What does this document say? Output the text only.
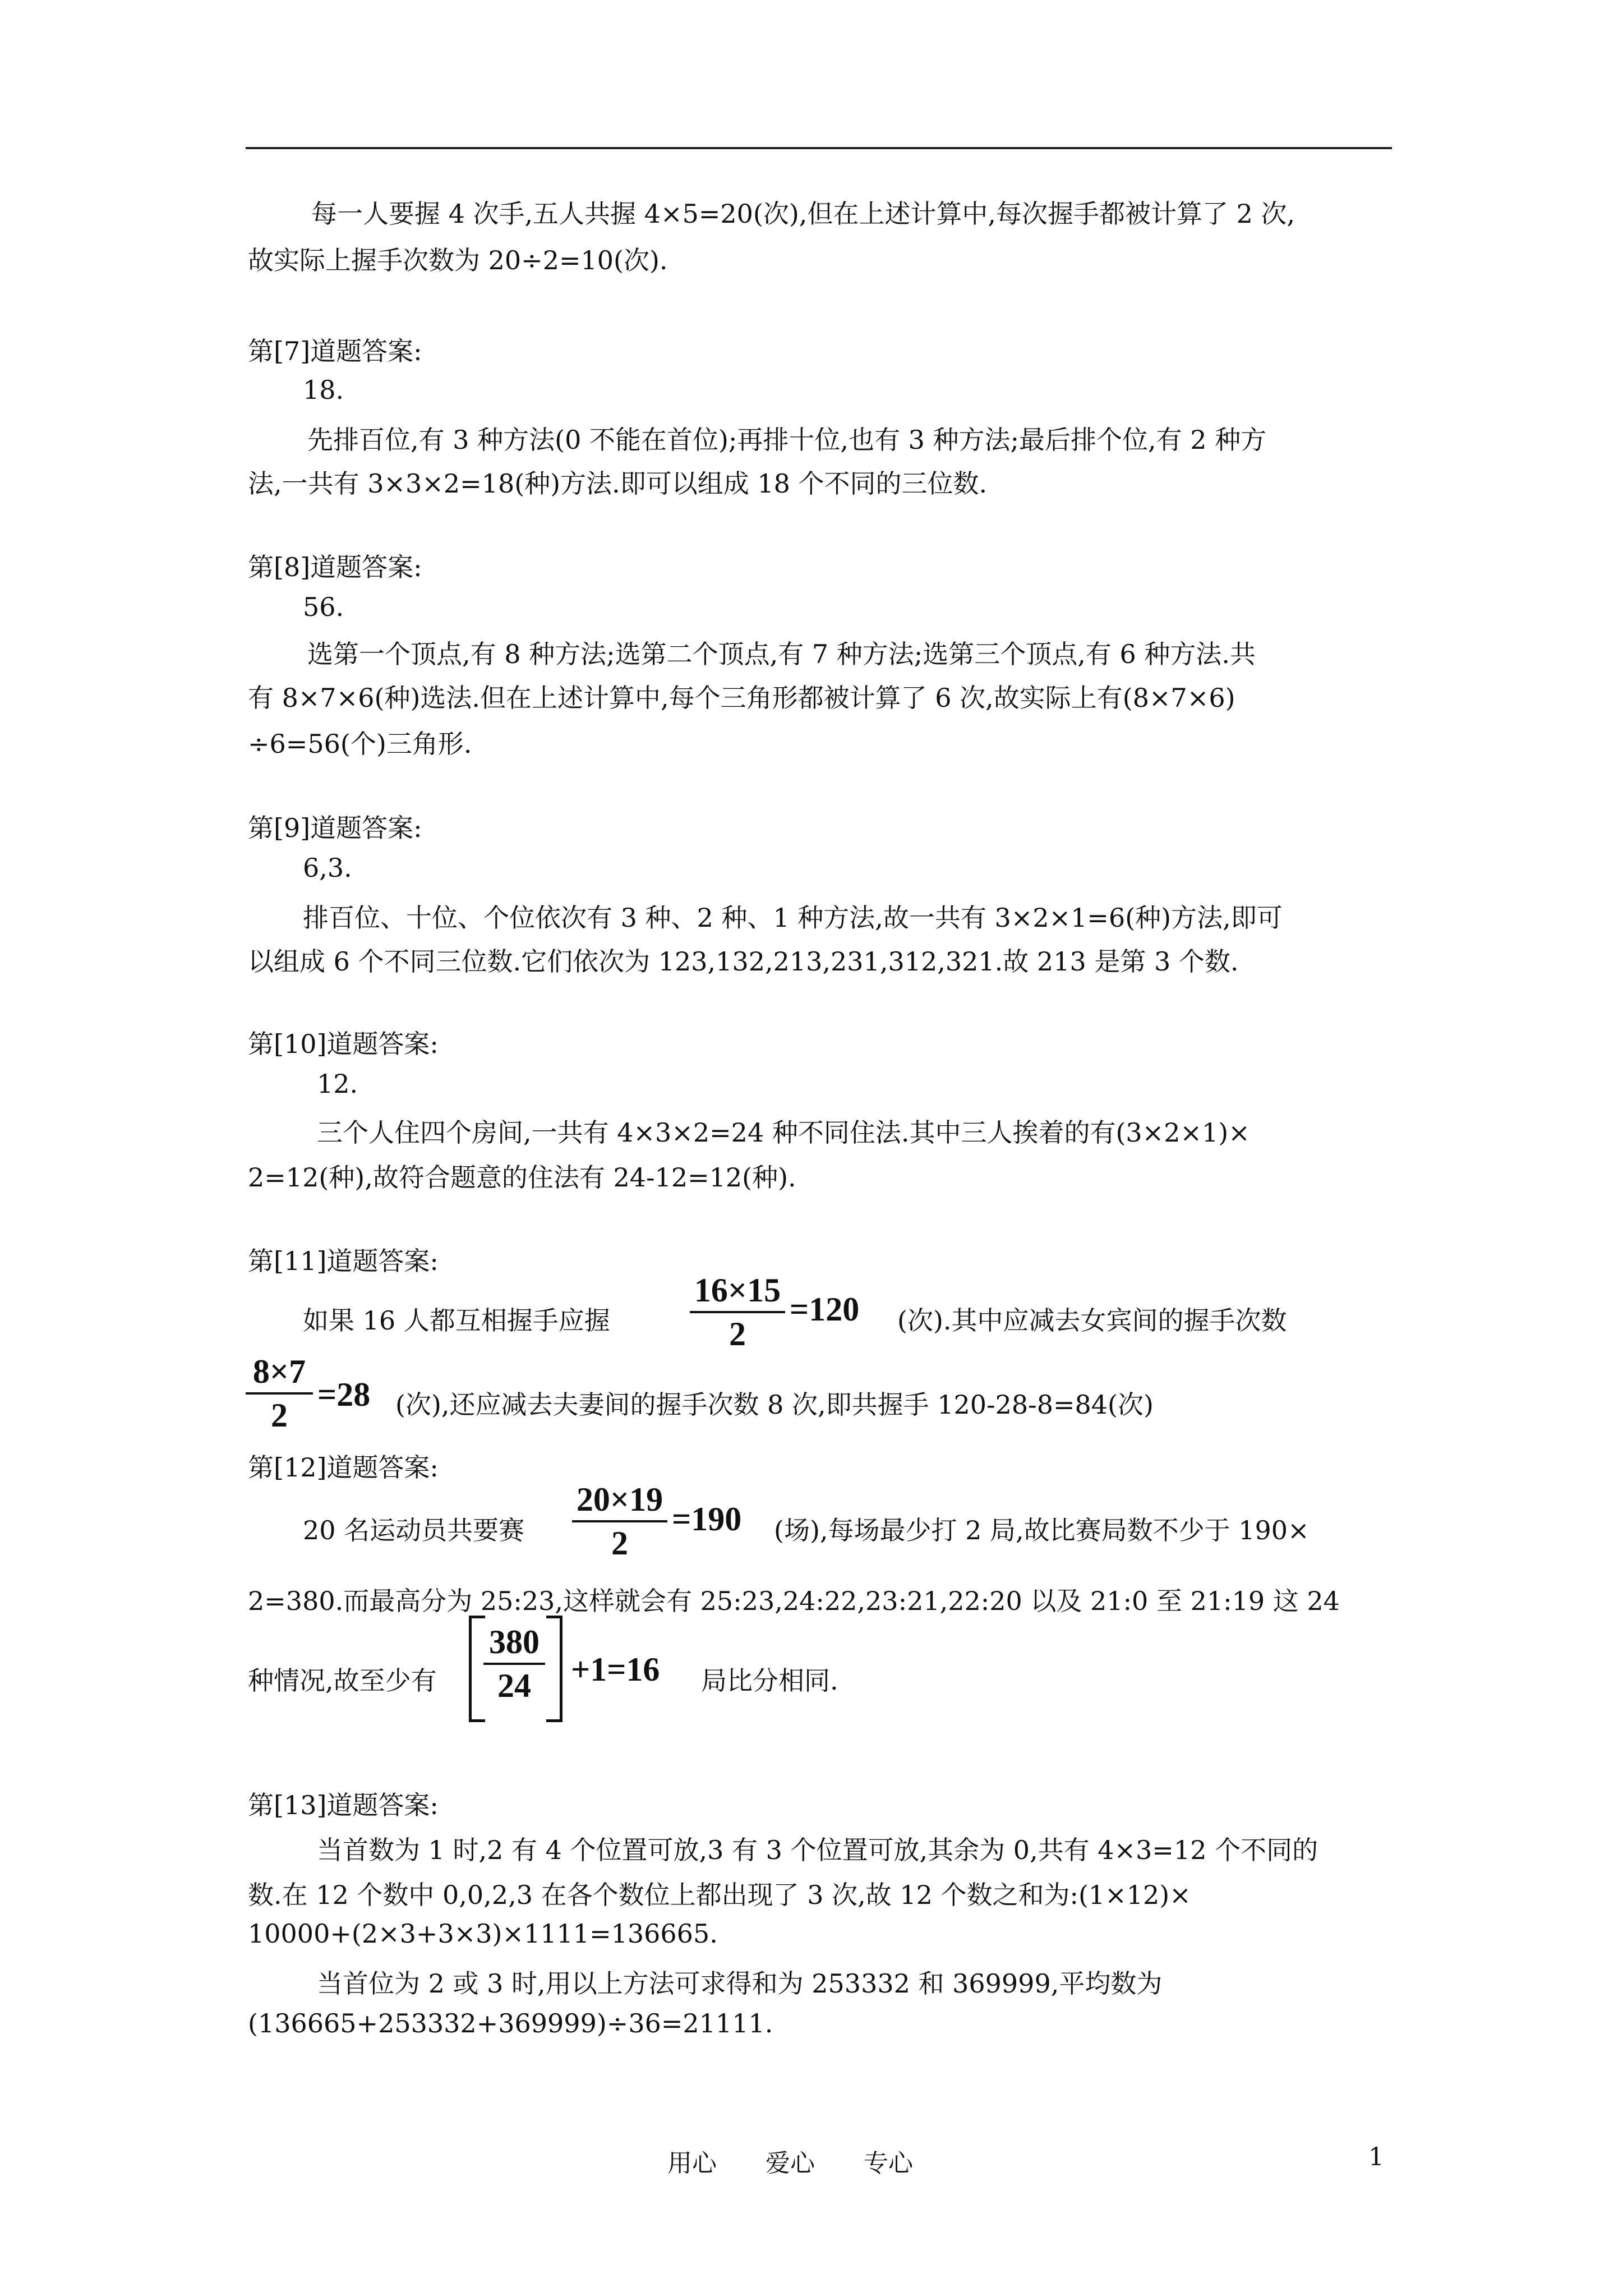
每一人要握 4 次手,五人共握 4×5=20(次),但在上述计算中,每次握手都被计算了 2 次,
故实际上握手次数为 20÷2=10(次).
第[7]道题答案:
18.
先排百位,有 3 种方法(0 不能在首位);再排十位,也有 3 种方法;最后排个位,有 2 种方
法,一共有 3×3×2=18(种)方法.即可以组成 18 个不同的三位数.
第[8]道题答案:
56.
选第一个顶点,有 8 种方法;选第二个顶点,有 7 种方法;选第三个顶点,有 6 种方法.共
有 8×7×6(种)选法.但在上述计算中,每个三角形都被计算了 6 次,故实际上有(8×7×6)
÷6=56(个)三角形.
第[9]道题答案:
6,3.
排百位、十位、个位依次有 3 种、2 种、1 种方法,故一共有 3×2×1=6(种)方法,即可
以组成 6 个不同三位数.它们依次为 123,132,213,231,312,321.故 213 是第 3 个数.
第[10]道题答案:
12.
三个人住四个房间,一共有 4×3×2=24 种不同住法.其中三人挨着的有(3×2×1)×
2=12(种),故符合题意的住法有 24-12=12(种).
第[11]道题答案:
如果 16 人都互相握手应握
16×15
2
=120 (次).其中应减去女宾间的握手次数
8×7
2
=28 (次),还应减去夫妻间的握手次数 8 次,即共握手 120-28-8=84(次)
第[12]道题答案:
20 名运动员共要赛
20×19
2
=190 (场),每场最少打 2 局,故比赛局数不少于 190×
2=380.而最高分为 25:23,这样就会有 25:23,24:22,23:21,22:20 以及 21:0 至 21:19 这 24
种情况,故至少有
380
24	+1=16 局比分相同.
第[13]道题答案:
当首数为 1 时,2 有 4 个位置可放,3 有 3 个位置可放,其余为 0,共有 4×3=12 个不同的
数.在 12 个数中 0,0,2,3 在各个数位上都出现了 3 次,故 12 个数之和为:(1×12)×
10000+(2×3+3×3)×1111=136665.
当首位为 2 或 3 时,用以上方法可求得和为 253332 和 369999,平均数为
(136665+253332+369999)÷36=21111.
用心 爱心 专心	1
